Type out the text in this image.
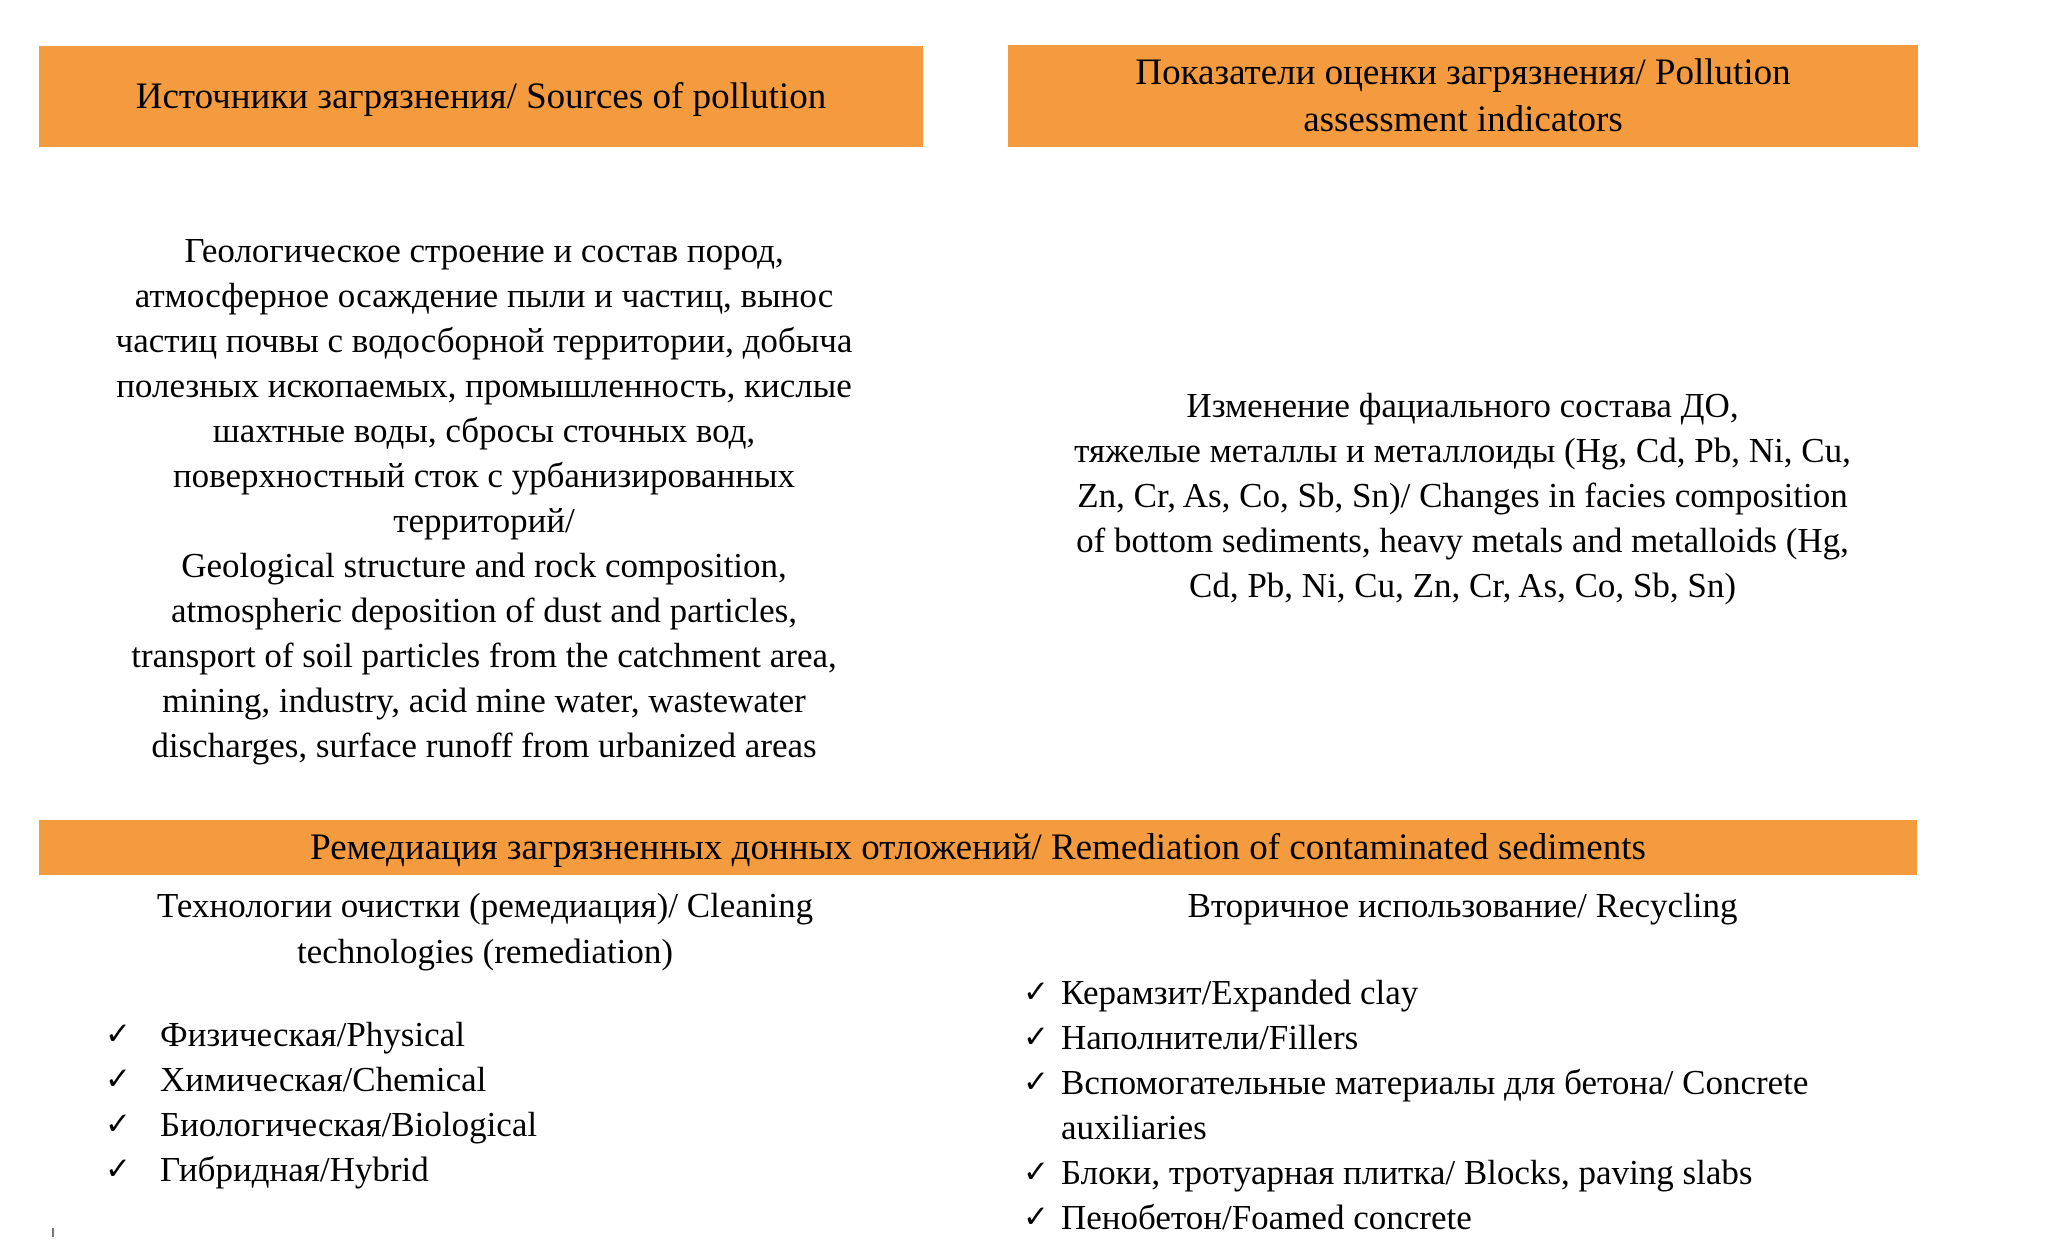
Источники загрязнения/ Sources of pollution
Показатели оценки загрязнения/ Pollution
assessment indicators
Геологическое строение и состав пород,
атмосферное осаждение пыли и частиц, вынос
частиц почвы с водосборной территории, добыча
полезных ископаемых, промышленность, кислые
шахтные воды, сбросы сточных вод,
поверхностный сток с урбанизированных
территорий/
Geological structure and rock composition,
atmospheric deposition of dust and particles,
transport of soil particles from the catchment area,
mining, industry, acid mine water, wastewater
discharges, surface runoff from urbanized areas
Изменение фациального состава ДО,
тяжелые металлы и металлоиды (Hg, Cd, Pb, Ni, Cu,
Zn, Cr, As, Co, Sb, Sn)/ Changes in facies composition
of bottom sediments, heavy metals and metalloids (Hg,
Cd, Pb, Ni, Cu, Zn, Cr, As, Co, Sb, Sn)
Ремедиация загрязненных донных отложений/ Remediation of contaminated sediments
Технологии очистки (ремедиация)/ Cleaning
technologies (remediation)
Вторичное использование/ Recycling
✓ Физическая/Physical
✓ Химическая/Chemical
✓ Биологическая/Biological
✓ Гибридная/Hybrid
✓ Керамзит/Expanded clay
✓ Наполнители/Fillers
✓ Вспомогательные материалы для бетона/ Concrete auxiliaries
✓ Блоки, тротуарная плитка/ Blocks, paving slabs
✓ Пенобетон/Foamed concrete
